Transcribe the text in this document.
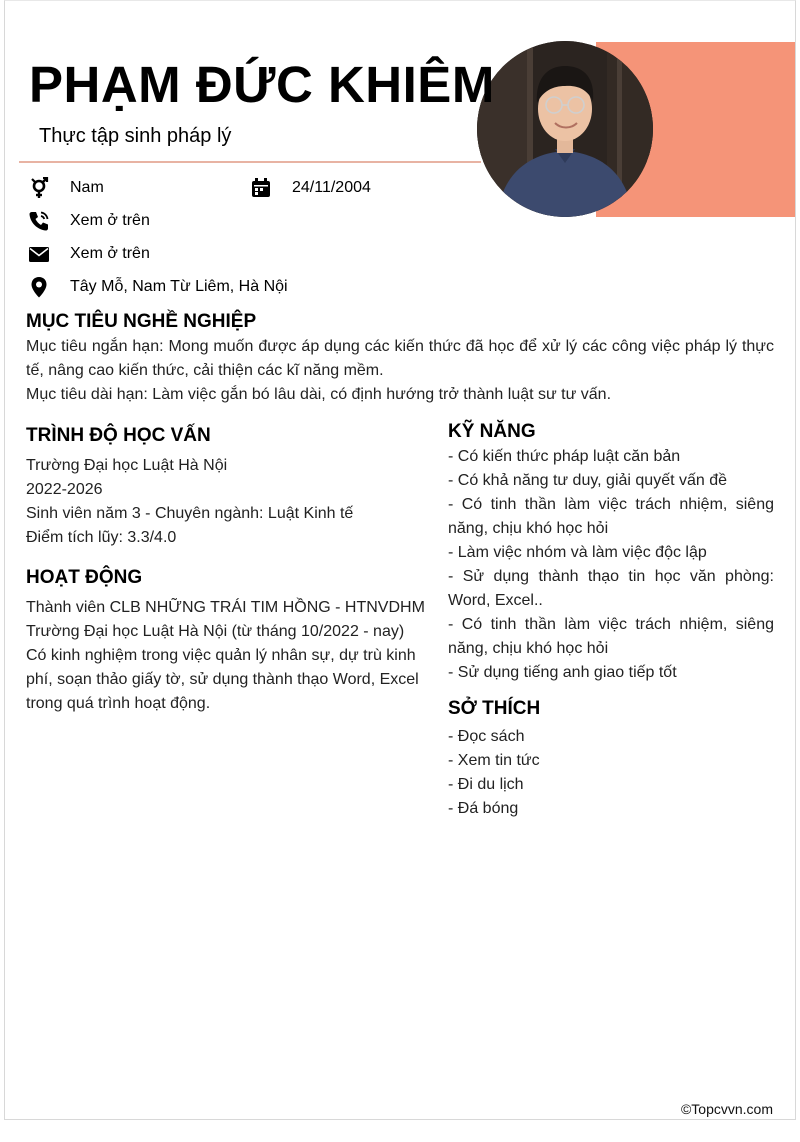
PHẠM ĐỨC KHIÊM

Thực tập sinh pháp lý

Nam	24/11/2004
Xem ở trên
Xem ở trên
Tây Mỗ, Nam Từ Liêm, Hà Nội
MỤC TIÊU NGHỀ NGHIỆP
Mục tiêu ngắn hạn: Mong muốn được áp dụng các kiến thức đã học để xử lý các công việc pháp lý thực tế, nâng cao kiến thức, cải thiện các kĩ năng mềm.
Mục tiêu dài hạn: Làm việc gắn bó lâu dài, có định hướng trở thành luật sư tư vấn.
TRÌNH ĐỘ HỌC VẤN
Trường Đại học Luật Hà Nội
2022-2026
Sinh viên năm 3 - Chuyên ngành: Luật Kinh tế
Điểm tích lũy: 3.3/4.0
HOẠT ĐỘNG
Thành viên CLB NHỮNG TRÁI TIM HỒNG - HTNVDHM
Trường Đại học Luật Hà Nội (từ tháng 10/2022 - nay)
Có kinh nghiệm trong việc quản lý nhân sự, dự trù kinh phí, soạn thảo giấy tờ, sử dụng thành thạo Word, Excel trong quá trình hoạt động.
KỸ NĂNG
- Có kiến thức pháp luật căn bản
- Có khả năng tư duy, giải quyết vấn đề
- Có tinh thần làm việc trách nhiệm, siêng năng, chịu khó học hỏi
- Làm việc nhóm và làm việc độc lập
- Sử dụng thành thạo tin học văn phòng: Word, Excel..
- Có tinh thần làm việc trách nhiệm, siêng năng, chịu khó học hỏi
- Sử dụng tiếng anh giao tiếp tốt
SỞ THÍCH
- Đọc sách
- Xem tin tức
- Đi du lịch
- Đá bóng
©Topcvvn.com
